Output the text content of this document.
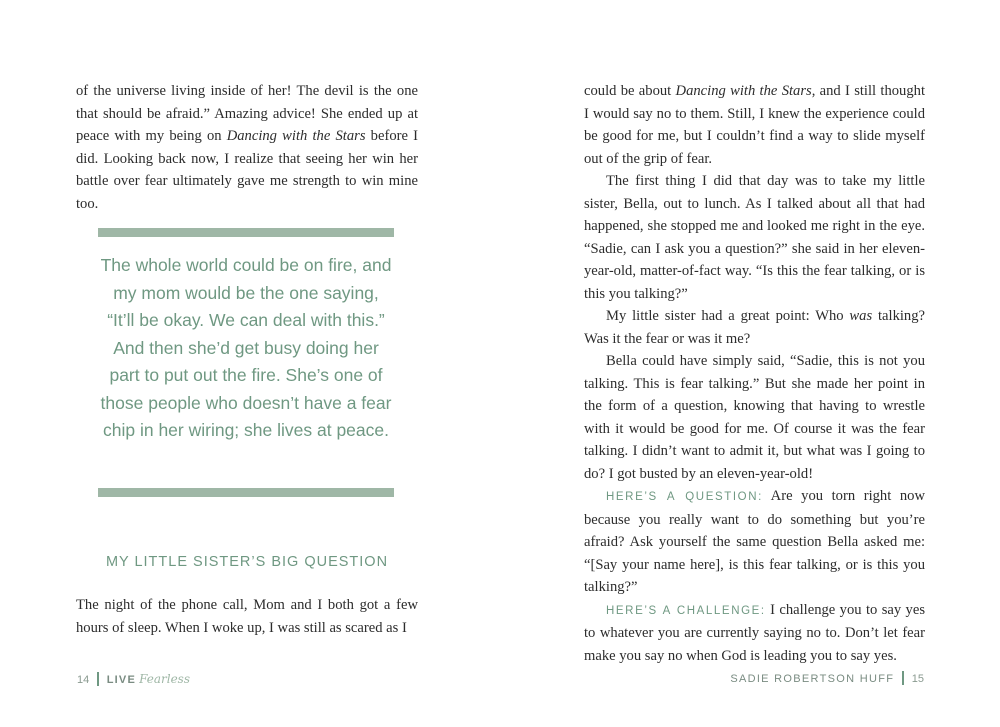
of the universe living inside of her! The devil is the one that should be afraid.” Amazing advice! She ended up at peace with my being on Dancing with the Stars before I did. Looking back now, I realize that seeing her win her battle over fear ultimately gave me strength to win mine too.

The whole world could be on fire, and my mom would be the one saying, “It’ll be okay. We can deal with this.” And then she’d get busy doing her part to put out the fire. She’s one of those people who doesn’t have a fear chip in her wiring; she lives at peace.
MY LITTLE SISTER’S BIG QUESTION

The night of the phone call, Mom and I both got a few hours of sleep. When I woke up, I was still as scared as I

14 LIVE Fearless

could be about Dancing with the Stars, and I still thought I would say no to them. Still, I knew the experience could be good for me, but I couldn’t find a way to slide myself out of the grip of fear.

The first thing I did that day was to take my little sister, Bella, out to lunch. As I talked about all that had happened, she stopped me and looked me right in the eye. “Sadie, can I ask you a question?” she said in her eleven-year-old, matter-of-fact way. “Is this the fear talking, or is this you talking?”

My little sister had a great point: Who was talking? Was it the fear or was it me?

Bella could have simply said, “Sadie, this is not you talking. This is fear talking.” But she made her point in the form of a question, knowing that having to wrestle with it would be good for me. Of course it was the fear talking. I didn’t want to admit it, but what was I going to do? I got busted by an eleven-year-old!

HERE’S A QUESTION: Are you torn right now because you really want to do something but you’re afraid? Ask yourself the same question Bella asked me: “[Say your name here], is this fear talking, or is this you talking?”

HERE’S A CHALLENGE: I challenge you to say yes to whatever you are currently saying no to. Don’t let fear make you say no when God is leading you to say yes.

SADIE ROBERTSON HUFF 15
